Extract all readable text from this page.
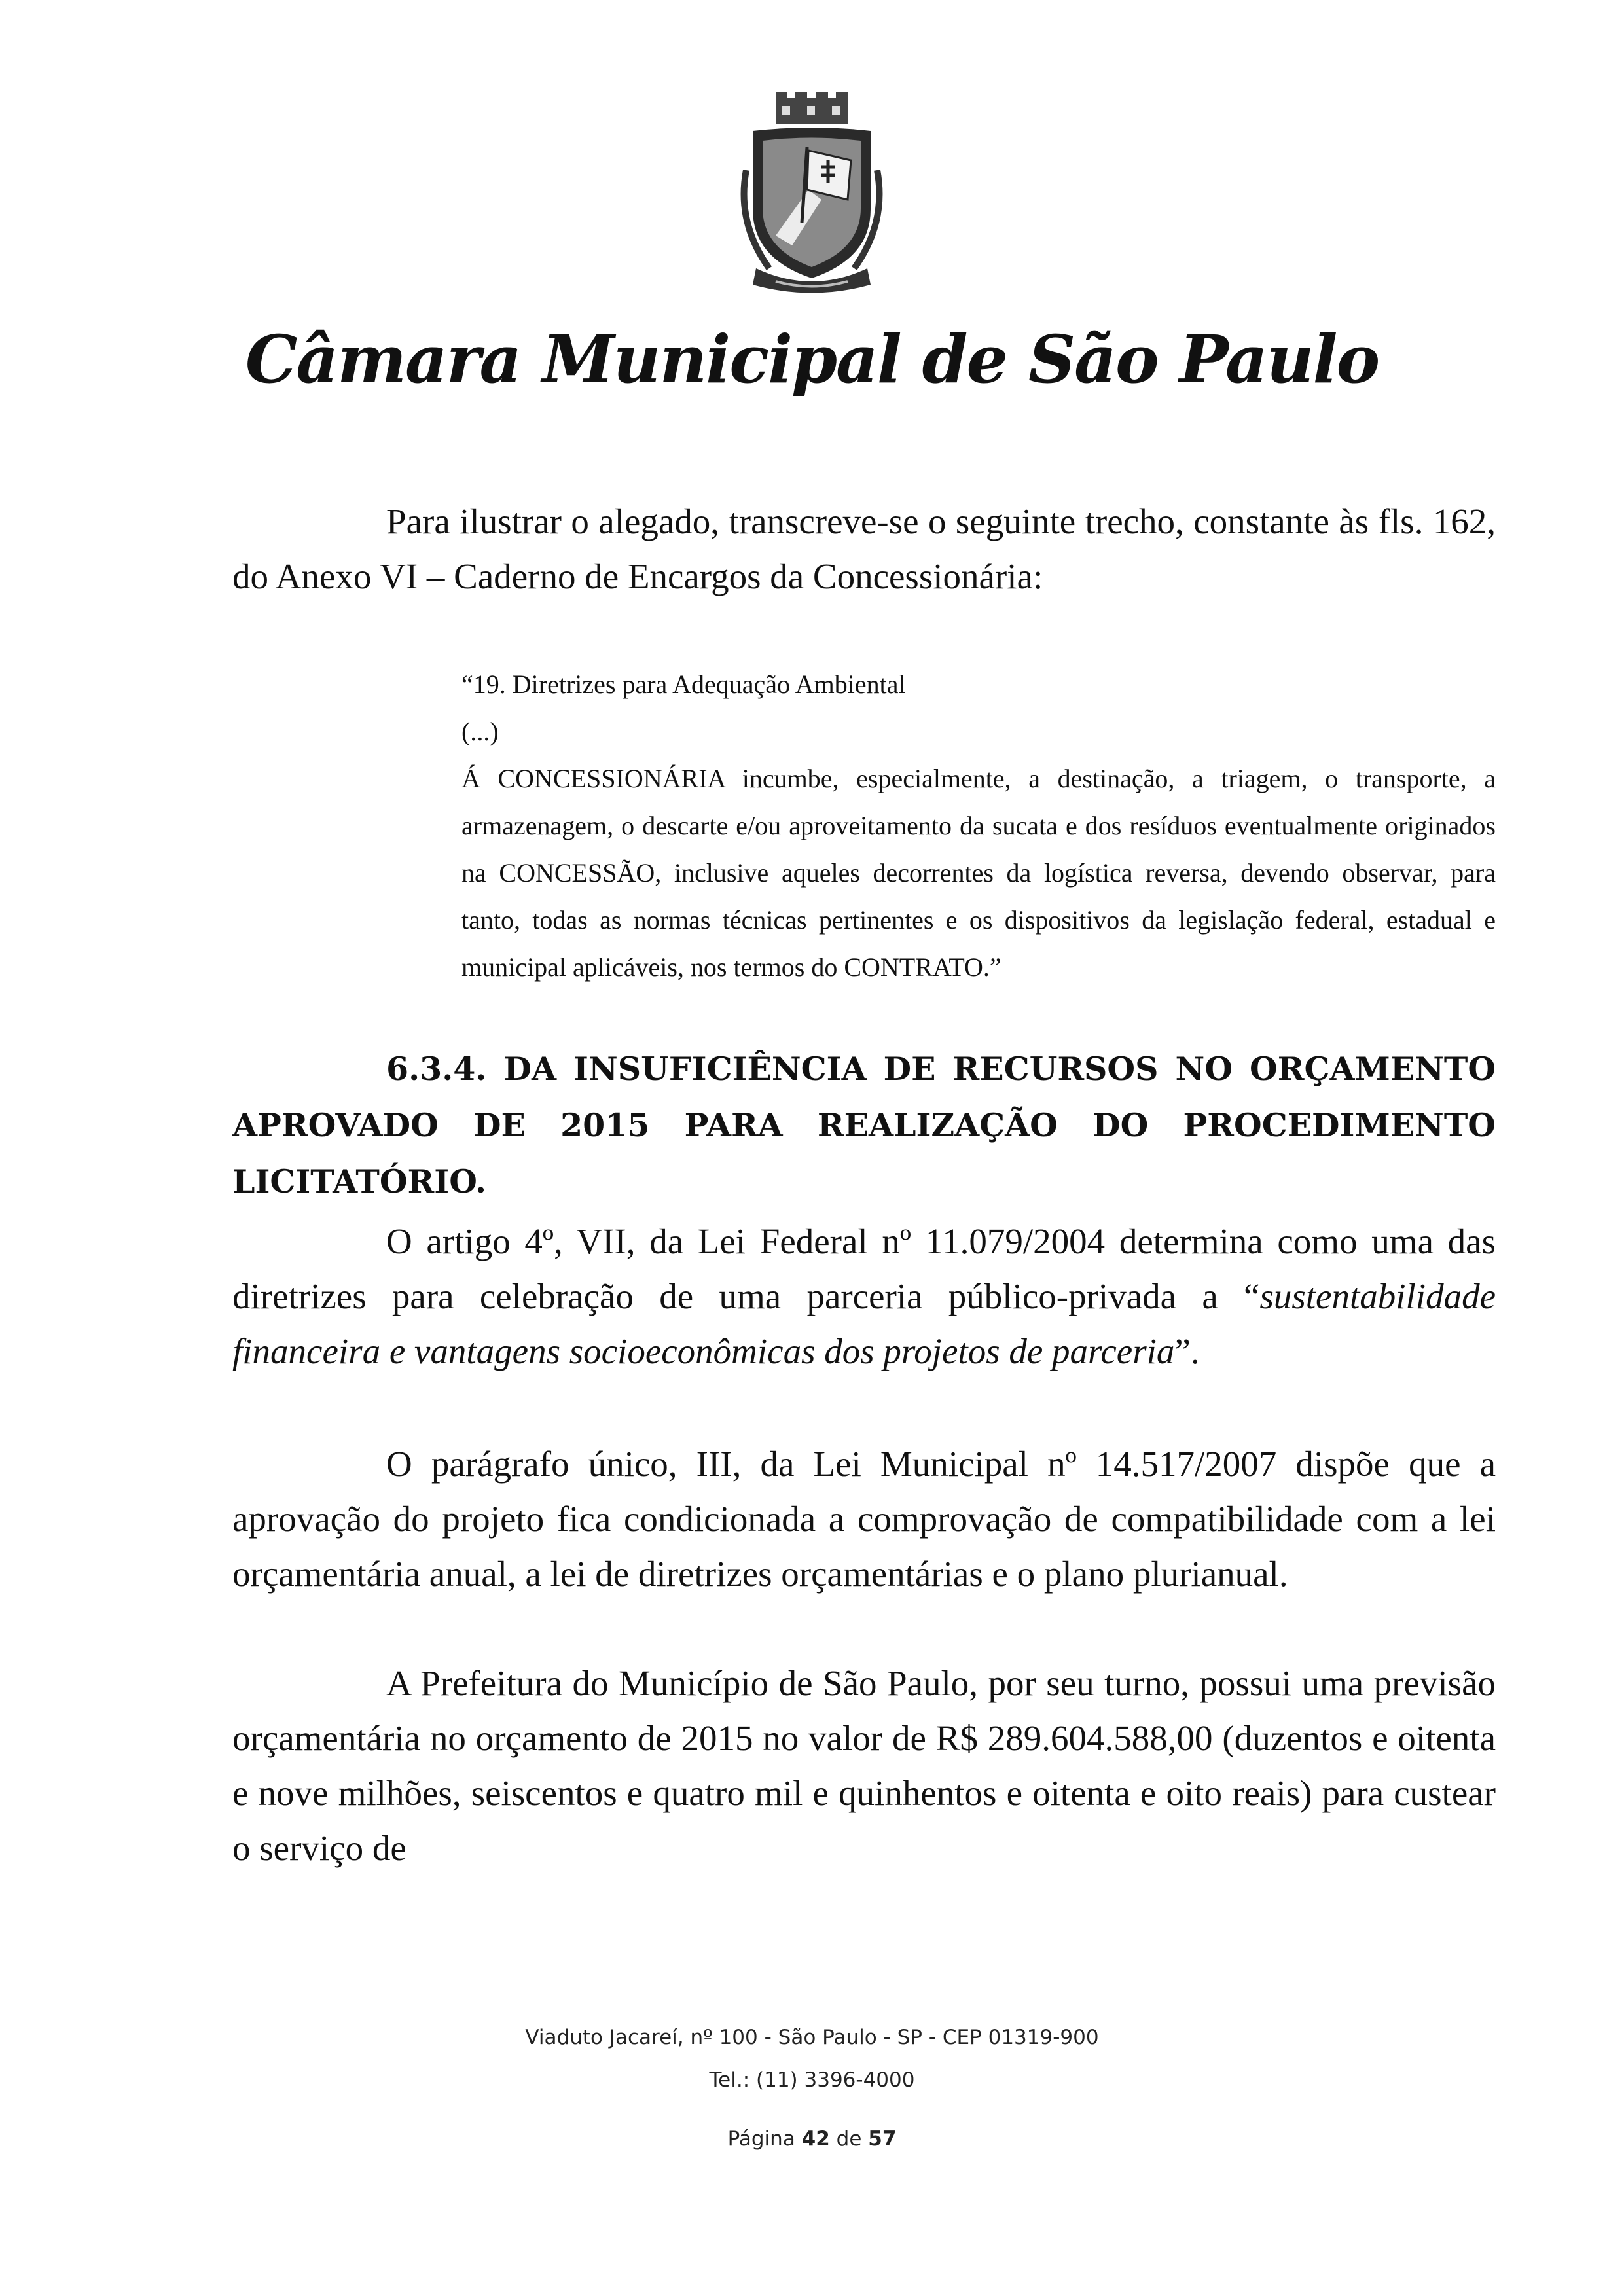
Câmara Municipal de São Paulo

Para ilustrar o alegado, transcreve-se o seguinte trecho, constante às fls. 162, do Anexo VI – Caderno de Encargos da Concessionária:

“19. Diretrizes para Adequação Ambiental

(...)

Á CONCESSIONÁRIA incumbe, especialmente, a destinação, a triagem, o transporte, a armazenagem, o descarte e/ou aproveitamento da sucata e dos resíduos eventualmente originados na CONCESSÃO, inclusive aqueles decorrentes da logística reversa, devendo observar, para tanto, todas as normas técnicas pertinentes e os dispositivos da legislação federal, estadual e municipal aplicáveis, nos termos do CONTRATO.”

6.3.4. DA INSUFICIÊNCIA DE RECURSOS NO ORÇAMENTO APROVADO DE 2015 PARA REALIZAÇÃO DO PROCEDIMENTO LICITATÓRIO.

O artigo 4º, VII, da Lei Federal nº 11.079/2004 determina como uma das diretrizes para celebração de uma parceria público-privada a “sustentabilidade financeira e vantagens socioeconômicas dos projetos de parceria”.

O parágrafo único, III, da Lei Municipal nº 14.517/2007 dispõe que a aprovação do projeto fica condicionada a comprovação de compatibilidade com a lei orçamentária anual, a lei de diretrizes orçamentárias e o plano plurianual.

A Prefeitura do Município de São Paulo, por seu turno, possui uma previsão orçamentária no orçamento de 2015 no valor de R$ 289.604.588,00 (duzentos e oitenta e nove milhões, seiscentos e quatro mil e quinhentos e oitenta e oito reais) para custear o serviço de

Viaduto Jacareí, nº 100 - São Paulo - SP - CEP 01319-900
Tel.: (11) 3396-4000
Página 42 de 57
